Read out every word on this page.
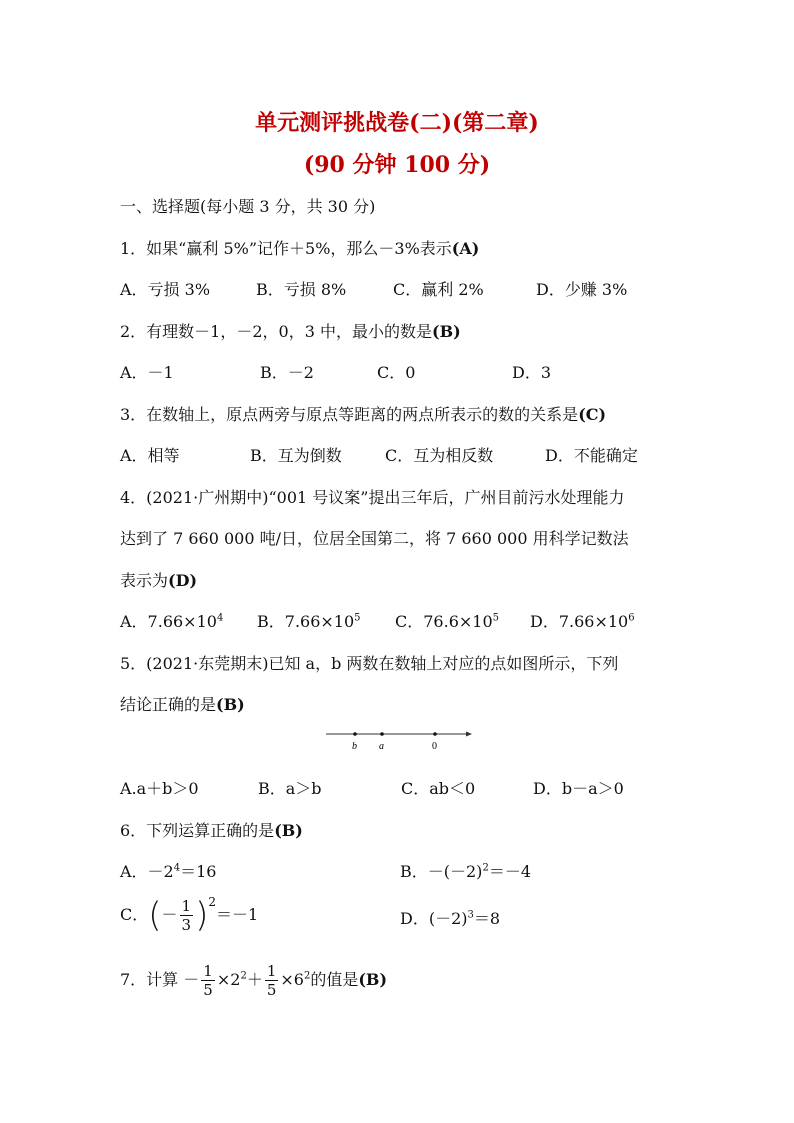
单元测评挑战卷(二)(第二章)
(90 分钟 100 分)
一、选择题(每小题 3 分，共 30 分)
1．如果“赢利 5%”记作＋5%，那么－3%表示(A)
A．亏损 3%	B．亏损 8%	C．赢利 2%	D．少赚 3%
2．有理数－1，－2，0，3 中，最小的数是(B)
A．－1	B．－2	C．0	D．3
3．在数轴上，原点两旁与原点等距离的两点所表示的数的关系是(C)
A．相等	B．互为倒数	C．互为相反数	D．不能确定
4．(2021·广州期中)“001 号议案”提出三年后，广州目前污水处理能力
达到了 7 660 000 吨/日，位居全国第二，将 7 660 000 用科学记数法
表示为(D)
A．$7.66\times 10^4$ B．$7.66\times 10^5$ C．$76.6\times 10^5$ D．$7.66\times 10^6$
5．(2021·东莞期末)已知 a，b 两数在数轴上对应的点如图所示，下列
结论正确的是(B)
b a	0
A.a＋b＞0	B．a＞b	C．ab＜0	D．b－a＞0
6．下列运算正确的是(B)
A．$-2^4=16$	B．$-(-2)^2=-4$
C．(－ $\frac{1}{3} )^2=-1$	D．$(-2)^3=8$
7．计算 － $\frac{1}{5} \times 2^2+ \frac{1}{5} \times 6^2$的值是(B)
